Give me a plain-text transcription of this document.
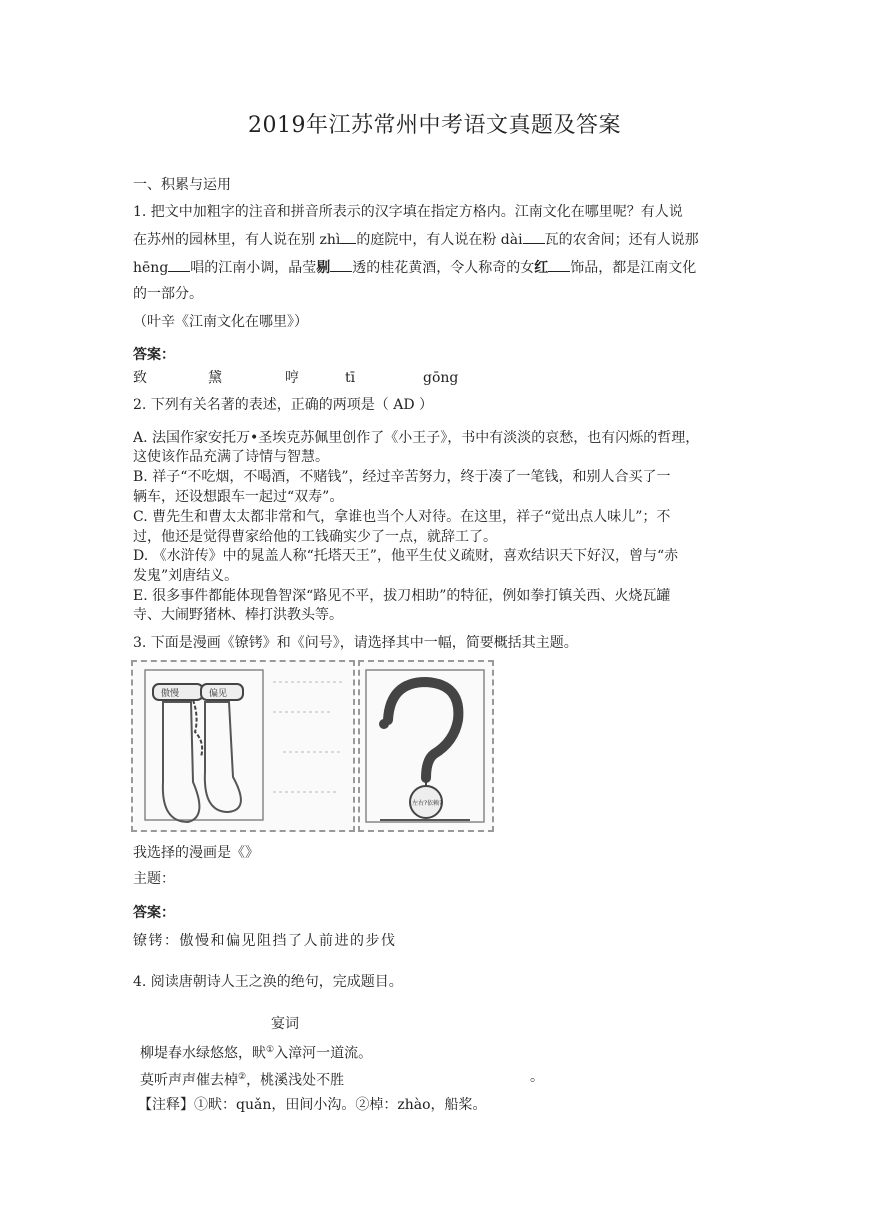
2019年江苏常州中考语文真题及答案
一、积累与运用
1. 把文中加粗字的注音和拼音所表示的汉字填在指定方格内。江南文化在哪里呢？有人说
在苏州的园林里，有人说在别 zhì 的庭院中，有人说在粉 dài 瓦的农舍间；还有人说那
hēng 唱的江南小调，晶莹剔 透的桂花黄酒，令人称奇的女红 饰品，都是江南文化
的一部分。
（叶辛《江南文化在哪里》）
答案：
致	黛	哼	tī	gōng
2. 下列有关名著的表述，正确的两项是（ AD ）
A. 法国作家安托万•圣埃克苏佩里创作了《小王子》，书中有淡淡的哀愁，也有闪烁的哲理，
这使该作品充满了诗情与智慧。
B. 祥子“不吃烟，不喝酒，不赌钱”，经过辛苦努力，终于凑了一笔钱，和别人合买了一
辆车，还设想跟车一起过“双寿”。
C. 曹先生和曹太太都非常和气，拿谁也当个人对待。在这里，祥子“觉出点人味儿”；不
过，他还是觉得曹家给他的工钱确实少了一点，就辞工了。
D. 《水浒传》中的晁盖人称“托塔天王”，他平生仗义疏财，喜欢结识天下好汉，曾与“赤
发鬼”刘唐结义。
E. 很多事件都能体现鲁智深“路见不平，拔刀相助”的特征，例如拳打镇关西、火烧瓦罐
寺、大闹野猪林、棒打洪教头等。
3. 下面是漫画《镣铐》和《问号》，请选择其中一幅，简要概括其主题。
傲慢	偏见
左右?依赖?
我选择的漫画是《》
主题：
答案：
镣铐：傲慢和偏见阻挡了人前进的步伐
4. 阅读唐朝诗人王之涣的绝句，完成题目。
宴词
柳堤春水绿悠悠，畎①入漳河一道流。
莫听声声催去棹②，桃溪浅处不胜	。
【注释】①畎：quǎn，田间小沟。②棹：zhào，船桨。
